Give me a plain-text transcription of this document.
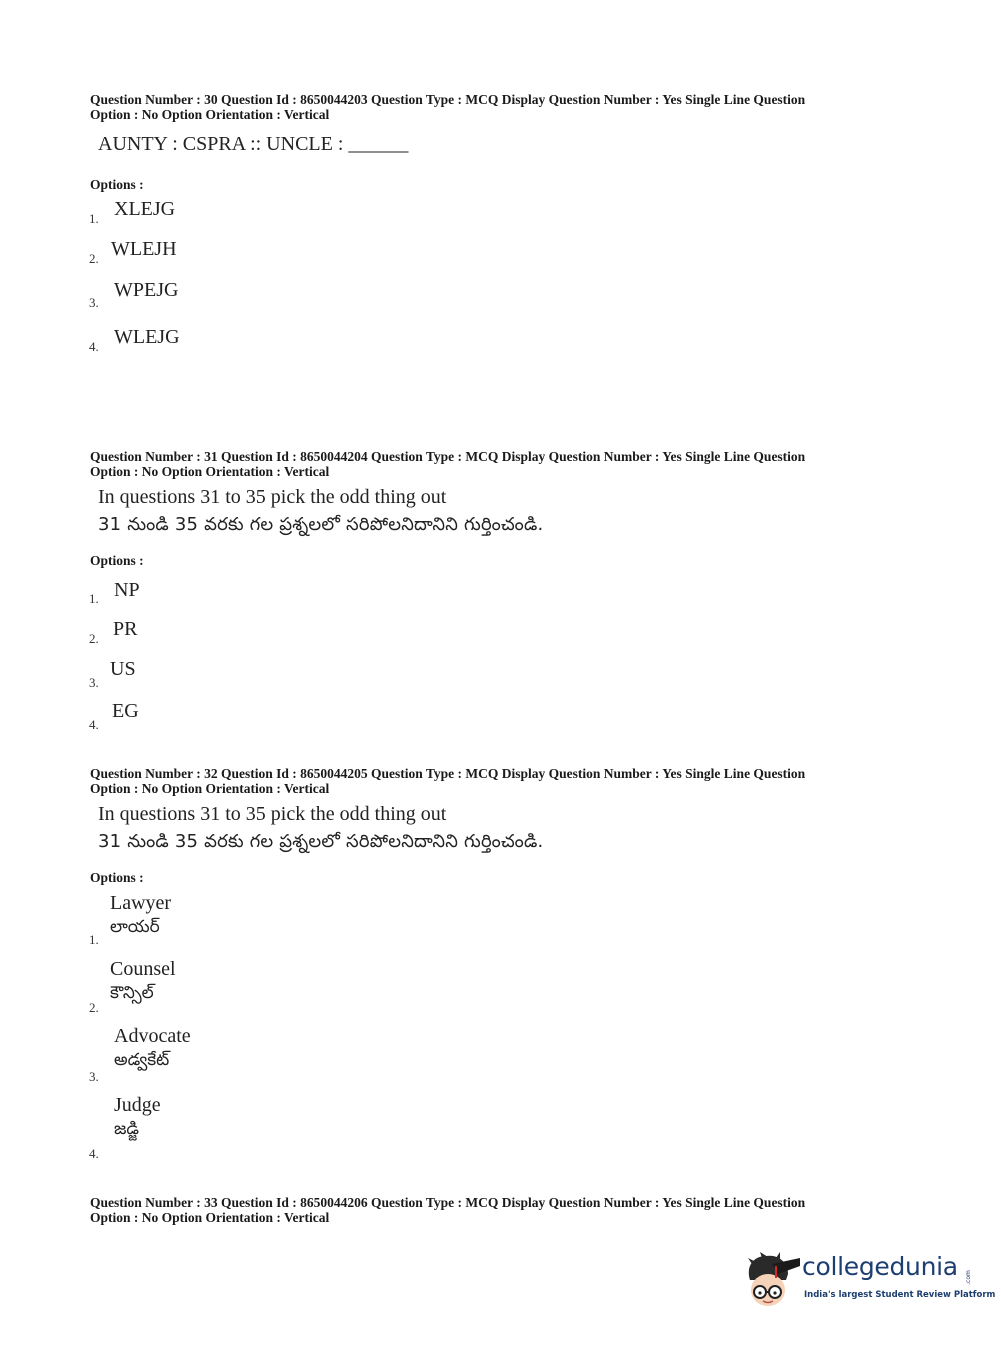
Question Number : 30 Question Id : 8650044203 Question Type : MCQ Display Question Number : Yes Single Line Question
Option : No Option Orientation : Vertical
AUNTY : CSPRA :: UNCLE : ______
Options :
1. XLEJG
2. WLEJH
3.
WPEJG
4. WLEJG
Question Number : 31 Question Id : 8650044204 Question Type : MCQ Display Question Number : Yes Single Line Question
Option : No Option Orientation : Vertical
In questions 31 to 35 pick the odd thing out
31 నుండి 35 వరకు గల ప్రశ్నలలో సరిపోలనిదానిని గుర్తించండి.
Options :
1. NP
2. PR
3.
US
4.
EG
Question Number : 32 Question Id : 8650044205 Question Type : MCQ Display Question Number : Yes Single Line Question
Option : No Option Orientation : Vertical
In questions 31 to 35 pick the odd thing out
31 నుండి 35 వరకు గల ప్రశ్నలలో సరిపోలనిదానిని గుర్తించండి.
Options :
1.
Lawyer
లాయర్
2.
Counsel
కౌన్సిల్
3.
Advocate
అడ్వకేట్
4.
Judge
జడ్జి
Question Number : 33 Question Id : 8650044206 Question Type : MCQ Display Question Number : Yes Single Line Question
Option : No Option Orientation : Vertical
collegedunia .com
India's largest Student Review Platform
